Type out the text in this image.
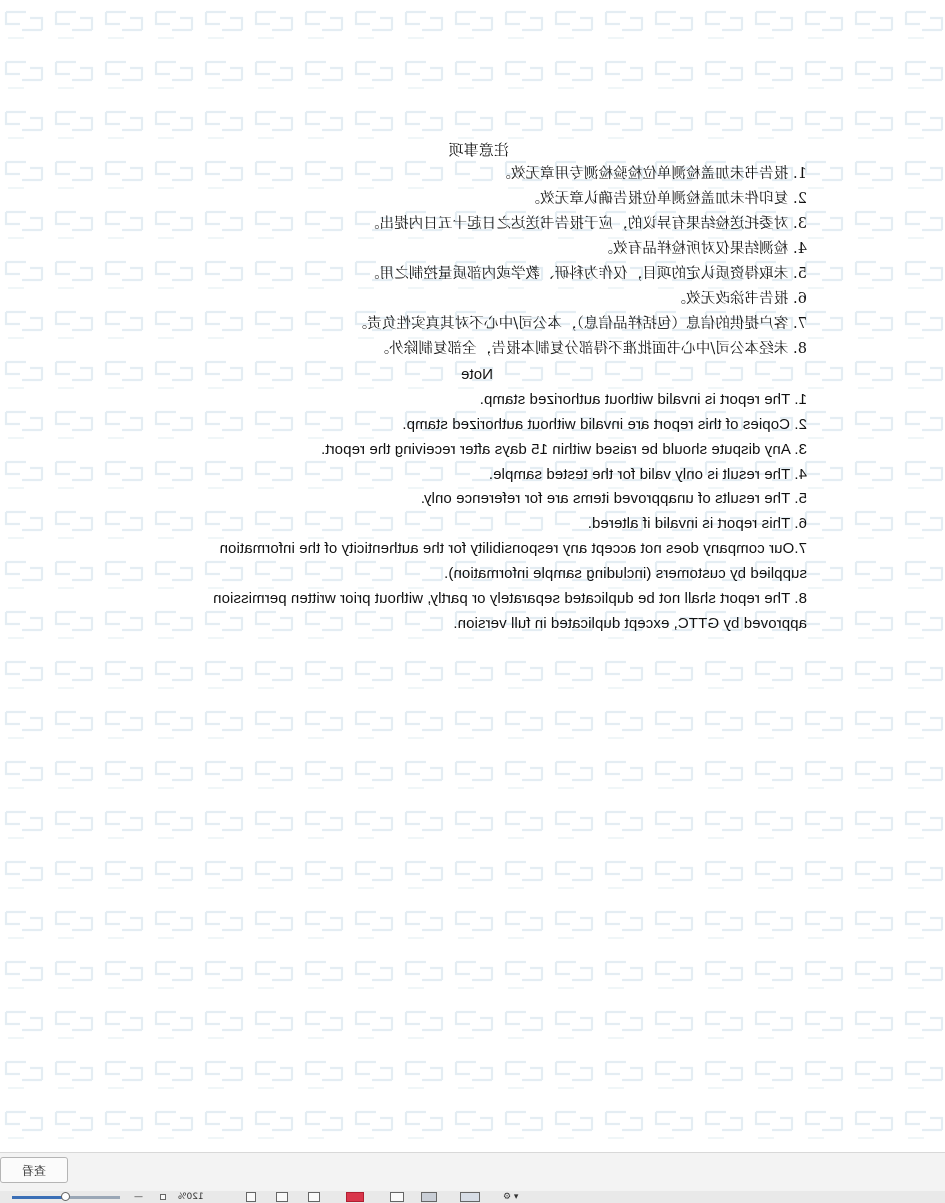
注意事项
1. 报告书未加盖检测单位检验检测专用章无效。
2. 复印件未加盖检测单位报告确认章无效。
3. 对委托送检结果有异议的，应于报告书送达之日起十五日内提出。
4. 检测结果仅对所检样品有效。
5. 未取得资质认定的项目，仅作为科研、教学或内部质量控制之用。
6. 报告书涂改无效。
7. 客户提供的信息（包括样品信息），本公司/中心不对其真实性负责。
8. 未经本公司/中心书面批准不得部分复制本报告，全部复制除外。
Note
1. The report is invalid without authorized stamp.
2. Copies of this report are invalid without authorized stamp.
3. Any dispute should be raised within 15 days after receiving the report.
4. The result is only valid for the tested sample.
5. The results of unapproved items are for reference only.
6. This report is invalid if altered.
7.Our company does not accept any responsibility for the authenticity of the information
supplied by customers (including sample information).
8. The report shall not be duplicated separately or partly, without prior written permission
approved by GTTC, except duplicated in full version.
查看
—	120%	⚙ ▾
